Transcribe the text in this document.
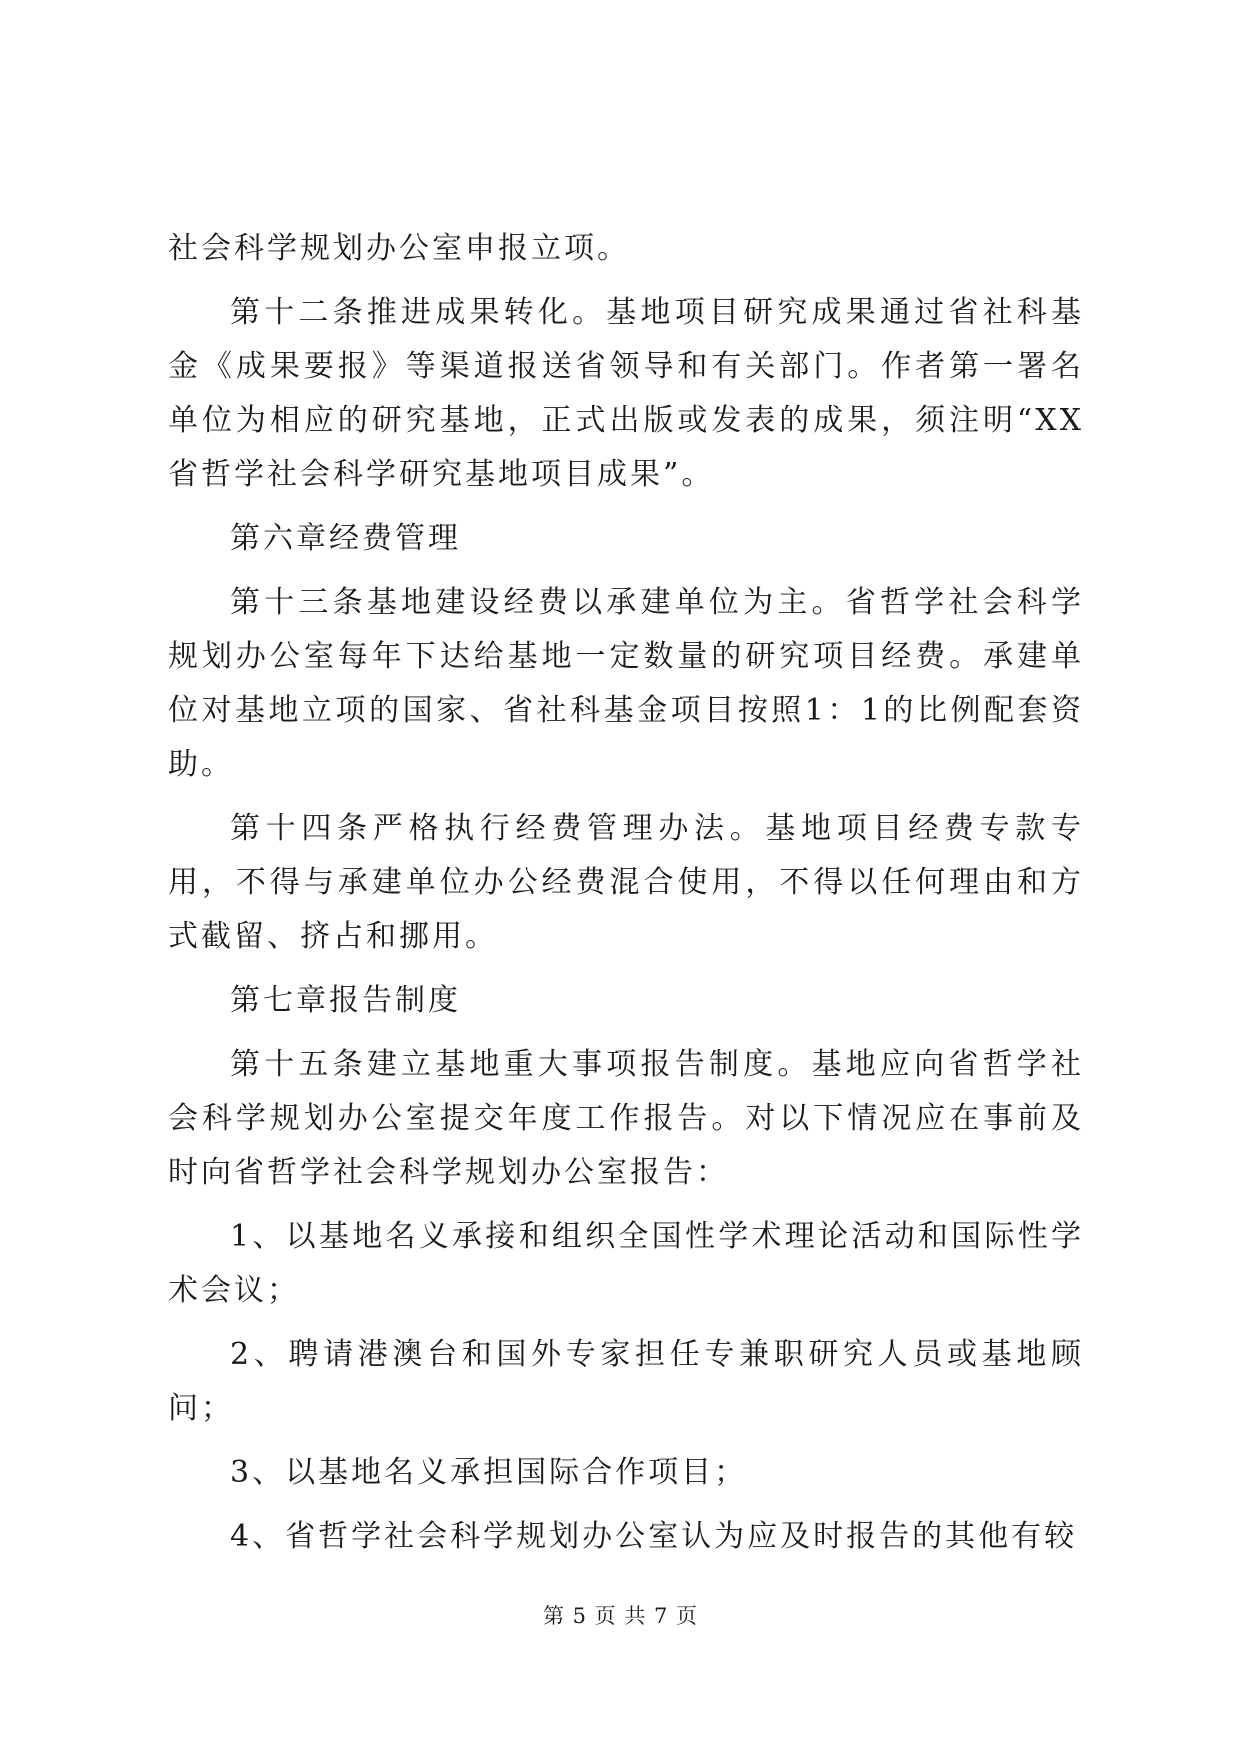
社会科学规划办公室申报立项。

第十二条推进成果转化。基地项目研究成果通过省社科基金《成果要报》等渠道报送省领导和有关部门。作者第一署名单位为相应的研究基地，正式出版或发表的成果，须注明“XX省哲学社会科学研究基地项目成果”。

第六章经费管理

第十三条基地建设经费以承建单位为主。省哲学社会科学规划办公室每年下达给基地一定数量的研究项目经费。承建单位对基地立项的国家、省社科基金项目按照1：1的比例配套资助。

第十四条严格执行经费管理办法。基地项目经费专款专用，不得与承建单位办公经费混合使用，不得以任何理由和方式截留、挤占和挪用。

第七章报告制度

第十五条建立基地重大事项报告制度。基地应向省哲学社会科学规划办公室提交年度工作报告。对以下情况应在事前及时向省哲学社会科学规划办公室报告：

1、以基地名义承接和组织全国性学术理论活动和国际性学术会议；

2、聘请港澳台和国外专家担任专兼职研究人员或基地顾问；

3、以基地名义承担国际合作项目；

4、省哲学社会科学规划办公室认为应及时报告的其他有较

第 5 页 共 7 页
